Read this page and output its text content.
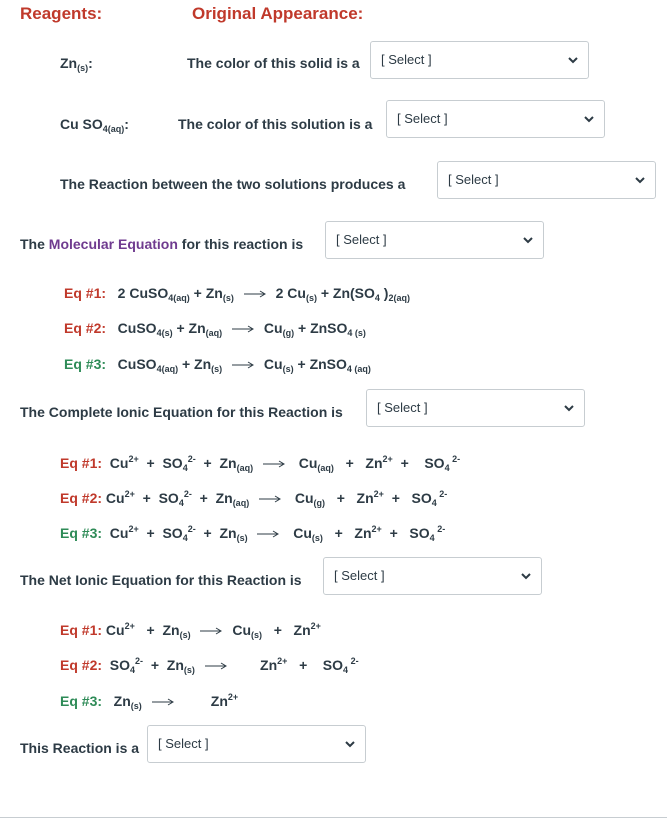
Reagents:	Original Appearance:
$Zn_{(s)}$:	The color of this solid is a [ Select ]
Cu $SO_{4(aq)}$:	The color of this solution is a [ Select ]
The Reaction between the two solutions produces a	[ Select ]
The Molecular Equation for this reaction is	[ Select ]
Eq #1:   2 CuSO$_{4(aq)}$ + $Zn_{(s)} \to 2$ $Cu_{(s)} + Zn(SO_4$ )$_{2(aq)}$
Eq #2:   CuSO$_{4(s)}$ + $Zn_{(aq)} \to Cu_{(g)}$ + ZnSO$_{4 (s)}$
Eq #3:   CuSO$_{4(aq)}$ + $Zn_{(s)} \to Cu_{(s)}$ + ZnSO$_{4 (aq)}$
The Complete Ionic Equation for this Reaction is	[ Select ]
Eq #1:  $Cu^{2+} + SO_4^{2-} + Zn_{(aq)} \to Cu_{(aq)} + Zn^{2+}$  +    $SO_4$ $^{2-}$
Eq #2: $Cu^{2+} + SO_4^{2-} + Zn_{(aq)} \to Cu_{(g)} + Zn^{2+} + SO_4$ $^{2-}$
Eq #3:  $Cu^{2+} + SO_4^{2-} + Zn_{(s)} \to Cu_{(s)} + Zn^{2+} + SO_4$ $^{2-}$
The Net Ionic Equation for this Reaction is [ Select ]
Eq #1: $Cu^{2+} + Zn_{(s)} \to Cu_{(s)} + Zn^{2+}$
Eq #2:  $SO_4^{2-} + Zn_{(s)} \to Zn^{2+}$   +    $SO_4$ $^{2-}$
Eq #3:   $Zn_{(s)} \to Zn^{2+}$
This Reaction is a [ Select ]
